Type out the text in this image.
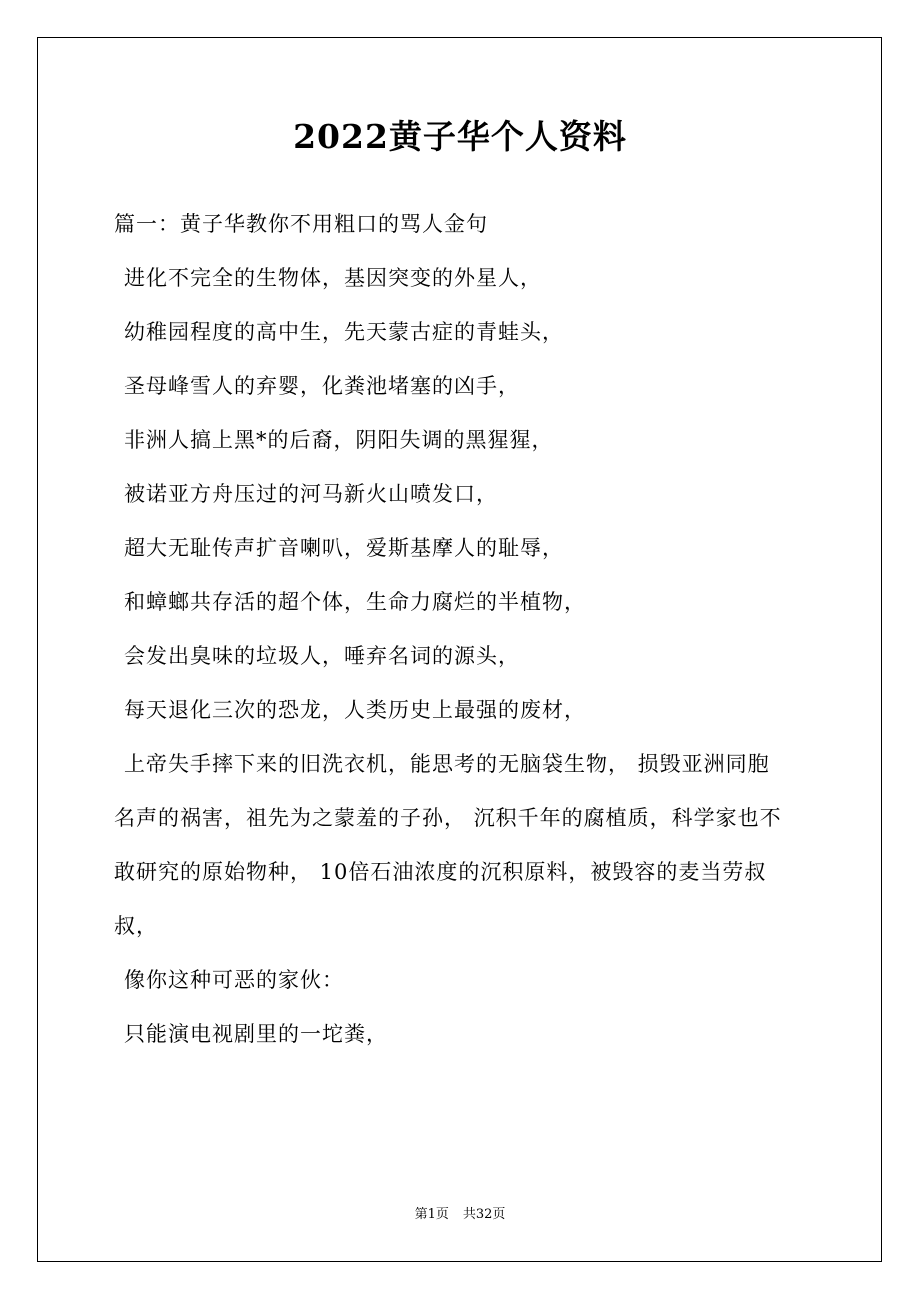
2022黄子华个人资料

篇一：黄子华教你不用粗口的骂人金句

进化不完全的生物体，基因突变的外星人，

幼稚园程度的高中生，先天蒙古症的青蛙头，

圣母峰雪人的弃婴，化粪池堵塞的凶手，

非洲人搞上黑*的后裔，阴阳失调的黑猩猩，

被诺亚方舟压过的河马新火山喷发口，

超大无耻传声扩音喇叭，爱斯基摩人的耻辱，

和蟑螂共存活的超个体，生命力腐烂的半植物，

会发出臭味的垃圾人，唾弃名词的源头，

每天退化三次的恐龙，人类历史上最强的废材，

上帝失手摔下来的旧洗衣机，能思考的无脑袋生物， 损毁亚洲同胞

名声的祸害，祖先为之蒙羞的子孙， 沉积千年的腐植质，科学家也不

敢研究的原始物种， 10倍石油浓度的沉积原料，被毁容的麦当劳叔

叔，

像你这种可恶的家伙：

只能演电视剧里的一坨粪，

第1页 共32页
